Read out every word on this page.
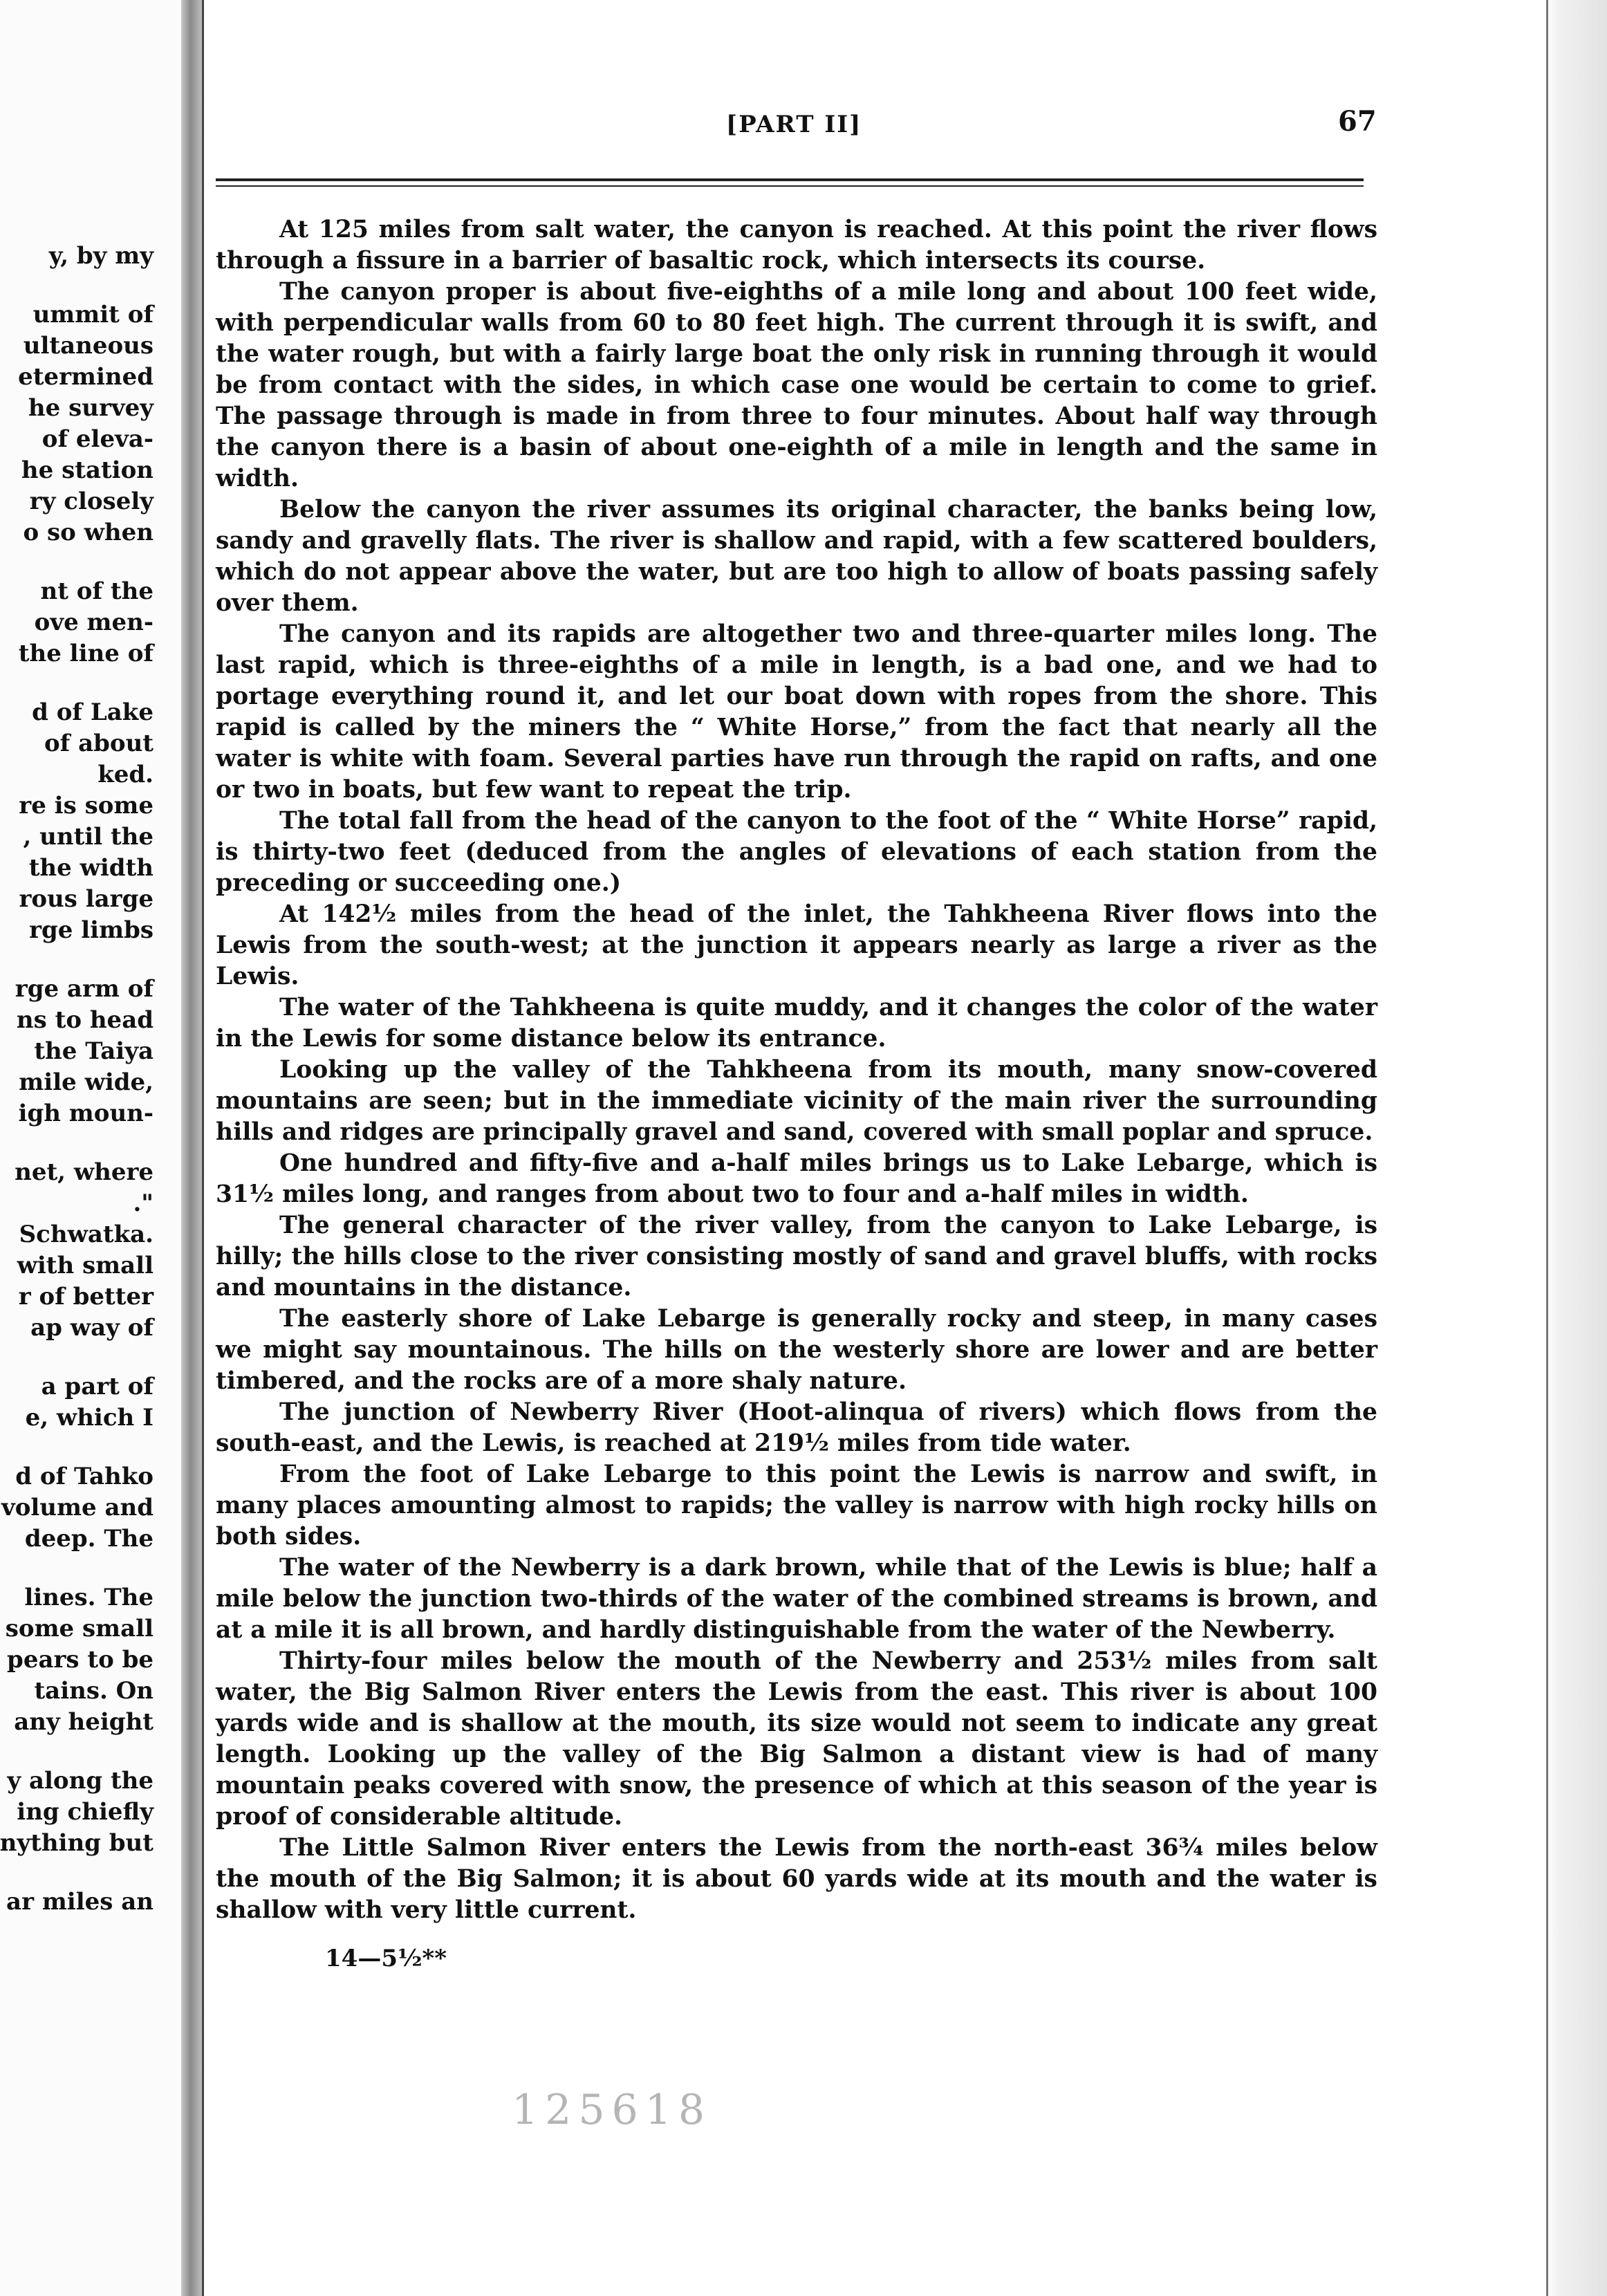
y, by my
ummit of
ultaneous
etermined
he survey
of eleva-
he station
ry closely
o so when
nt of the
ove men-
the line of
d of Lake
of about
ked.
re is some
, until the
the width
rous large
rge limbs
rge arm of
ns to head
the Taiya
mile wide,
igh moun-
net, where
."
Schwatka.
with small
r of better
ap way of
a part of
e, which I
d of Tahko
volume and
deep. The
lines. The
some small
pears to be
tains. On
any height
y along the
ing chiefly
nything but
ar miles an
[PART II]	67

At 125 miles from salt water, the canyon is reached. At this point the river flows through a fissure in a barrier of basaltic rock, which intersects its course.

The canyon proper is about five-eighths of a mile long and about 100 feet wide, with perpendicular walls from 60 to 80 feet high. The current through it is swift, and the water rough, but with a fairly large boat the only risk in running through it would be from contact with the sides, in which case one would be certain to come to grief. The passage through is made in from three to four minutes. About half way through the canyon there is a basin of about one-eighth of a mile in length and the same in width.

Below the canyon the river assumes its original character, the banks being low, sandy and gravelly flats. The river is shallow and rapid, with a few scattered boulders, which do not appear above the water, but are too high to allow of boats passing safely over them.

The canyon and its rapids are altogether two and three-quarter miles long. The last rapid, which is three-eighths of a mile in length, is a bad one, and we had to portage everything round it, and let our boat down with ropes from the shore. This rapid is called by the miners the “ White Horse,” from the fact that nearly all the water is white with foam. Several parties have run through the rapid on rafts, and one or two in boats, but few want to repeat the trip.

The total fall from the head of the canyon to the foot of the “ White Horse” rapid, is thirty-two feet (deduced from the angles of elevations of each station from the preceding or succeeding one.)

At 142½ miles from the head of the inlet, the Tahkheena River flows into the Lewis from the south-west; at the junction it appears nearly as large a river as the Lewis.

The water of the Tahkheena is quite muddy, and it changes the color of the water in the Lewis for some distance below its entrance.

Looking up the valley of the Tahkheena from its mouth, many snow-covered mountains are seen; but in the immediate vicinity of the main river the surrounding hills and ridges are principally gravel and sand, covered with small poplar and spruce.

One hundred and fifty-five and a-half miles brings us to Lake Lebarge, which is 31½ miles long, and ranges from about two to four and a-half miles in width.

The general character of the river valley, from the canyon to Lake Lebarge, is hilly; the hills close to the river consisting mostly of sand and gravel bluffs, with rocks and mountains in the distance.

The easterly shore of Lake Lebarge is generally rocky and steep, in many cases we might say mountainous. The hills on the westerly shore are lower and are better timbered, and the rocks are of a more shaly nature.

The junction of Newberry River (Hoot-alinqua of rivers) which flows from the south-east, and the Lewis, is reached at 219½ miles from tide water.

From the foot of Lake Lebarge to this point the Lewis is narrow and swift, in many places amounting almost to rapids; the valley is narrow with high rocky hills on both sides.

The water of the Newberry is a dark brown, while that of the Lewis is blue; half a mile below the junction two-thirds of the water of the combined streams is brown, and at a mile it is all brown, and hardly distinguishable from the water of the Newberry.

Thirty-four miles below the mouth of the Newberry and 253½ miles from salt water, the Big Salmon River enters the Lewis from the east. This river is about 100 yards wide and is shallow at the mouth, its size would not seem to indicate any great length. Looking up the valley of the Big Salmon a distant view is had of many mountain peaks covered with snow, the presence of which at this season of the year is proof of considerable altitude.

The Little Salmon River enters the Lewis from the north-east 36¾ miles below the mouth of the Big Salmon; it is about 60 yards wide at its mouth and the water is shallow with very little current.

14—5½**
125618
